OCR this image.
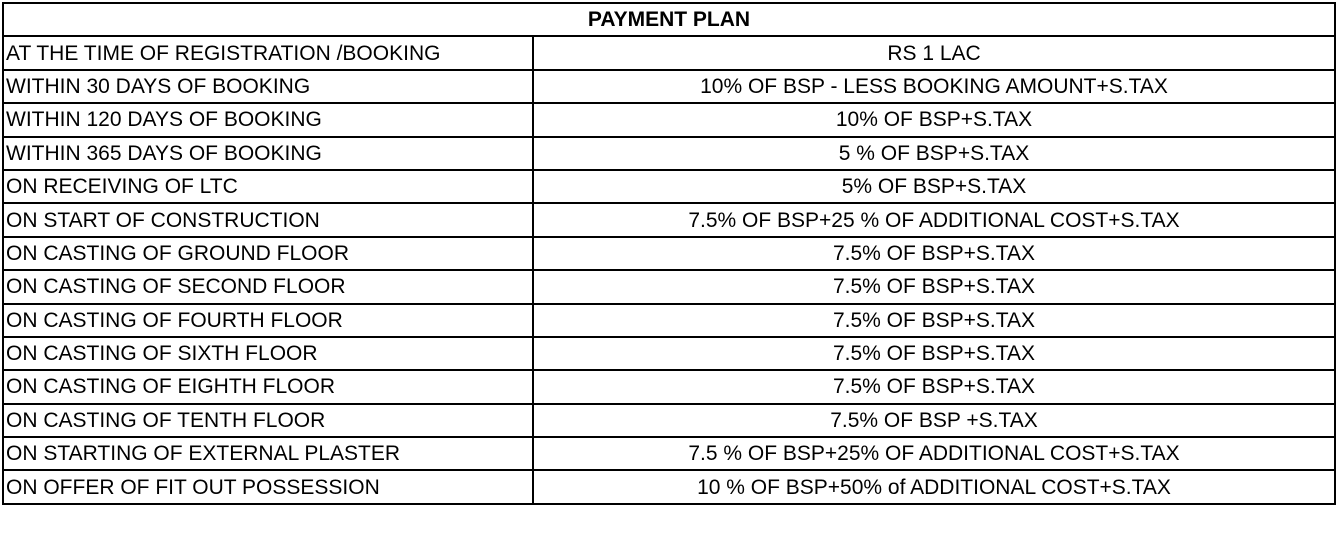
PAYMENT PLAN	
AT THE TIME OF REGISTRATION /BOOKING	RS 1 LAC
WITHIN 30 DAYS OF BOOKING	10% OF BSP - LESS BOOKING AMOUNT+S.TAX
WITHIN 120 DAYS OF BOOKING	10% OF BSP+S.TAX
WITHIN 365 DAYS OF BOOKING	5 % OF BSP+S.TAX
ON RECEIVING OF LTC	5% OF BSP+S.TAX
ON START OF CONSTRUCTION	7.5% OF BSP+25 % OF ADDITIONAL COST+S.TAX
ON CASTING OF GROUND FLOOR	7.5% OF BSP+S.TAX
ON CASTING OF SECOND FLOOR	7.5% OF BSP+S.TAX
ON CASTING OF FOURTH FLOOR	7.5% OF BSP+S.TAX
ON CASTING OF SIXTH FLOOR	7.5% OF BSP+S.TAX
ON CASTING OF EIGHTH FLOOR	7.5% OF BSP+S.TAX
ON CASTING OF TENTH FLOOR	7.5% OF BSP +S.TAX
ON STARTING OF EXTERNAL PLASTER	7.5 % OF BSP+25% OF ADDITIONAL COST+S.TAX
ON OFFER OF FIT OUT POSSESSION	10 % OF BSP+50% of ADDITIONAL COST+S.TAX
